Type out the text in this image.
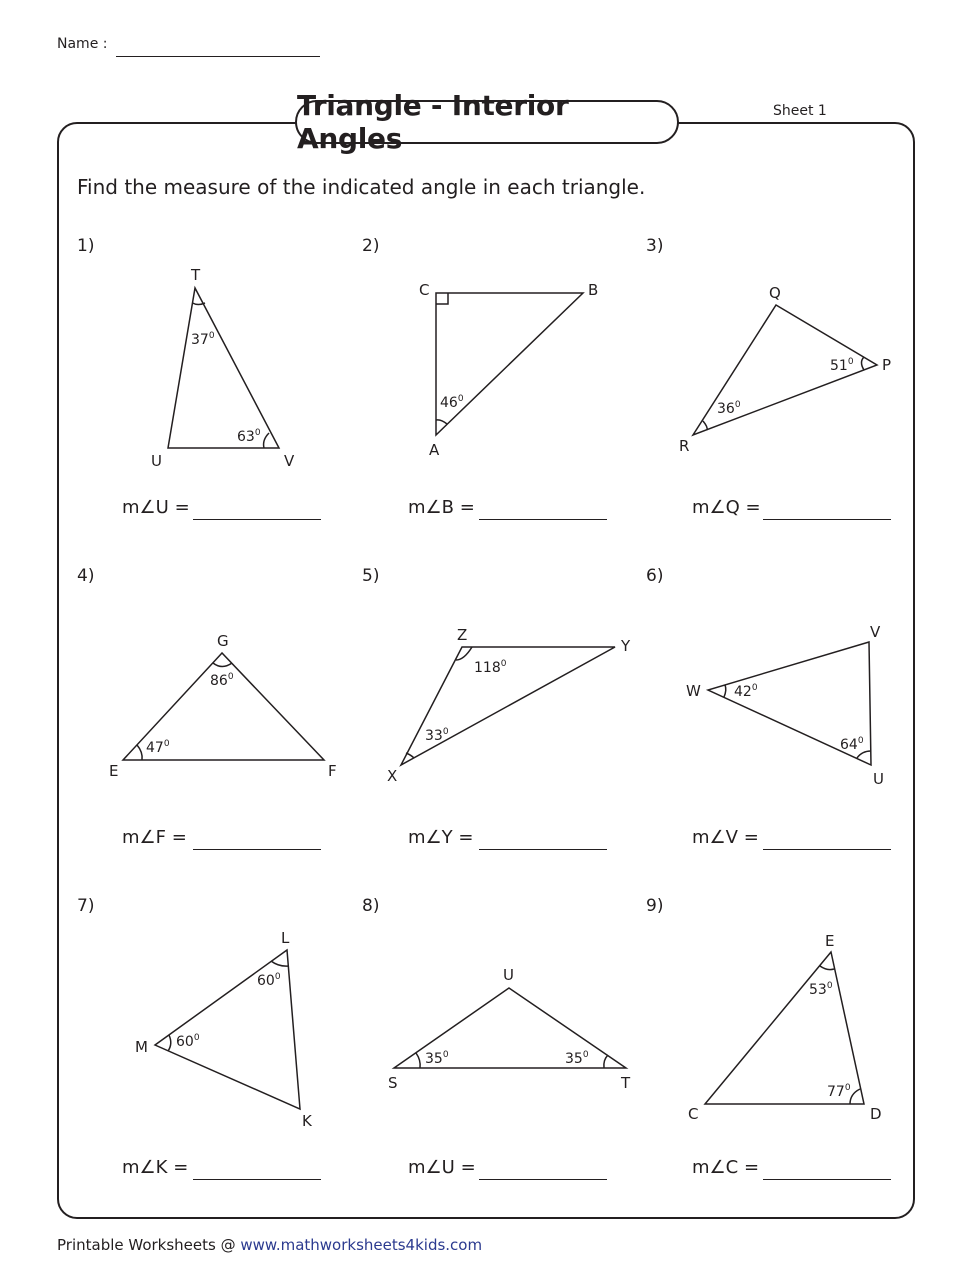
Name :
Triangle - Interior Angles
Sheet 1
Find the measure of the indicated angle in each triangle.
1)	2)	3)
4)	5)	6)
7)	8)	9)
T
U	V
C	B
A
Q
P
R
G
E	F
Z
Y
X
V
W
U
L
M
K
U
S	T
E
C	D
$37^0$
$63^0$
$46^0$
$51^0$
$36^0$
$86^0$
$47^0$
$118^0$
$33^0$
$42^0$
$64^0$
$60^0$
$60^0$
$35^0$	$35^0$
$53^0$
$77^0$
m∠U =	m∠B =	m∠Q =
m∠F =	m∠Y =	m∠V =
m∠K =	m∠U =	m∠C =
Printable Worksheets @ www.mathworksheets4kids.com
